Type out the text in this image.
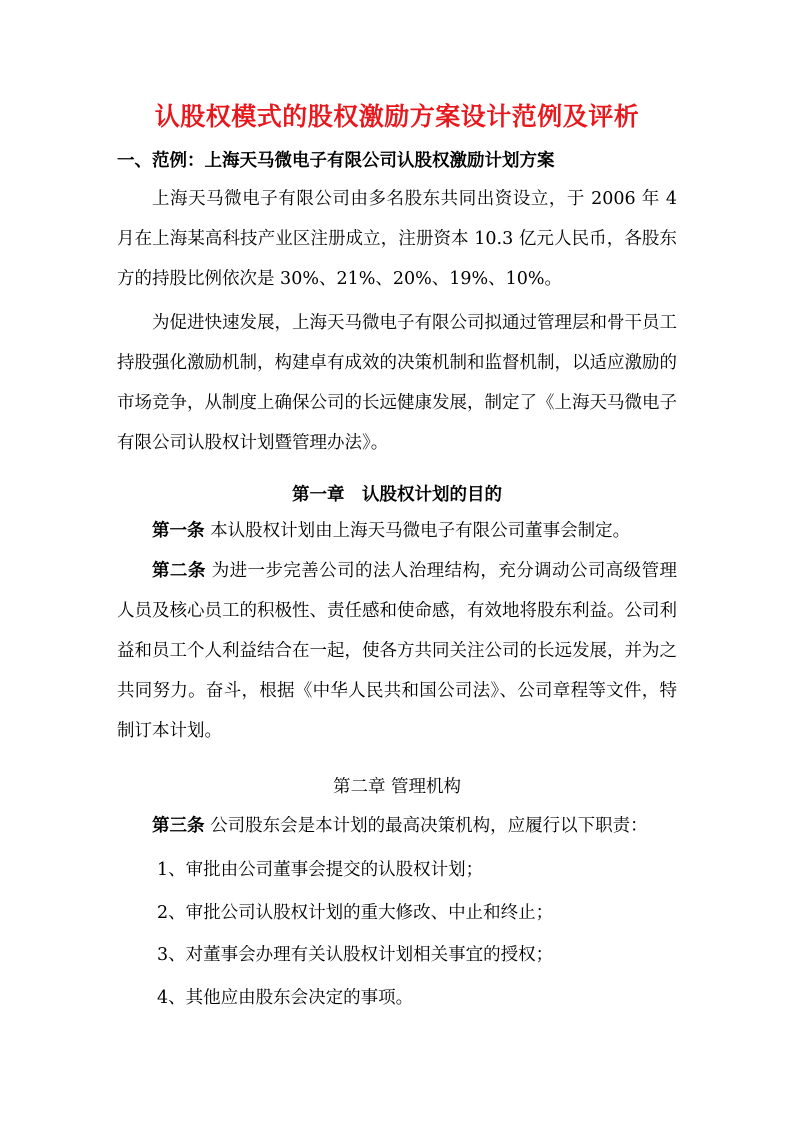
认股权模式的股权激励方案设计范例及评析
一、范例：上海天马微电子有限公司认股权激励计划方案

上海天马微电子有限公司由多名股东共同出资设立，于 2006 年 4 月在上海某高科技产业区注册成立，注册资本 10.3 亿元人民币，各股东方的持股比例依次是 30%、21%、20%、19%、10%。

为促进快速发展，上海天马微电子有限公司拟通过管理层和骨干员工持股强化激励机制，构建卓有成效的决策机制和监督机制，以适应激励的市场竞争，从制度上确保公司的长远健康发展，制定了《上海天马微电子有限公司认股权计划暨管理办法》。

第一章　认股权计划的目的

第一条 本认股权计划由上海天马微电子有限公司董事会制定。

第二条 为进一步完善公司的法人治理结构，充分调动公司高级管理人员及核心员工的积极性、责任感和使命感，有效地将股东利益。公司利益和员工个人利益结合在一起，使各方共同关注公司的长远发展，并为之共同努力。奋斗，根据《中华人民共和国公司法》、公司章程等文件，特制订本计划。

第二章 管理机构

第三条 公司股东会是本计划的最高决策机构，应履行以下职责：

1、审批由公司董事会提交的认股权计划；
2、审批公司认股权计划的重大修改、中止和终止；
3、对董事会办理有关认股权计划相关事宜的授权；
4、其他应由股东会决定的事项。
